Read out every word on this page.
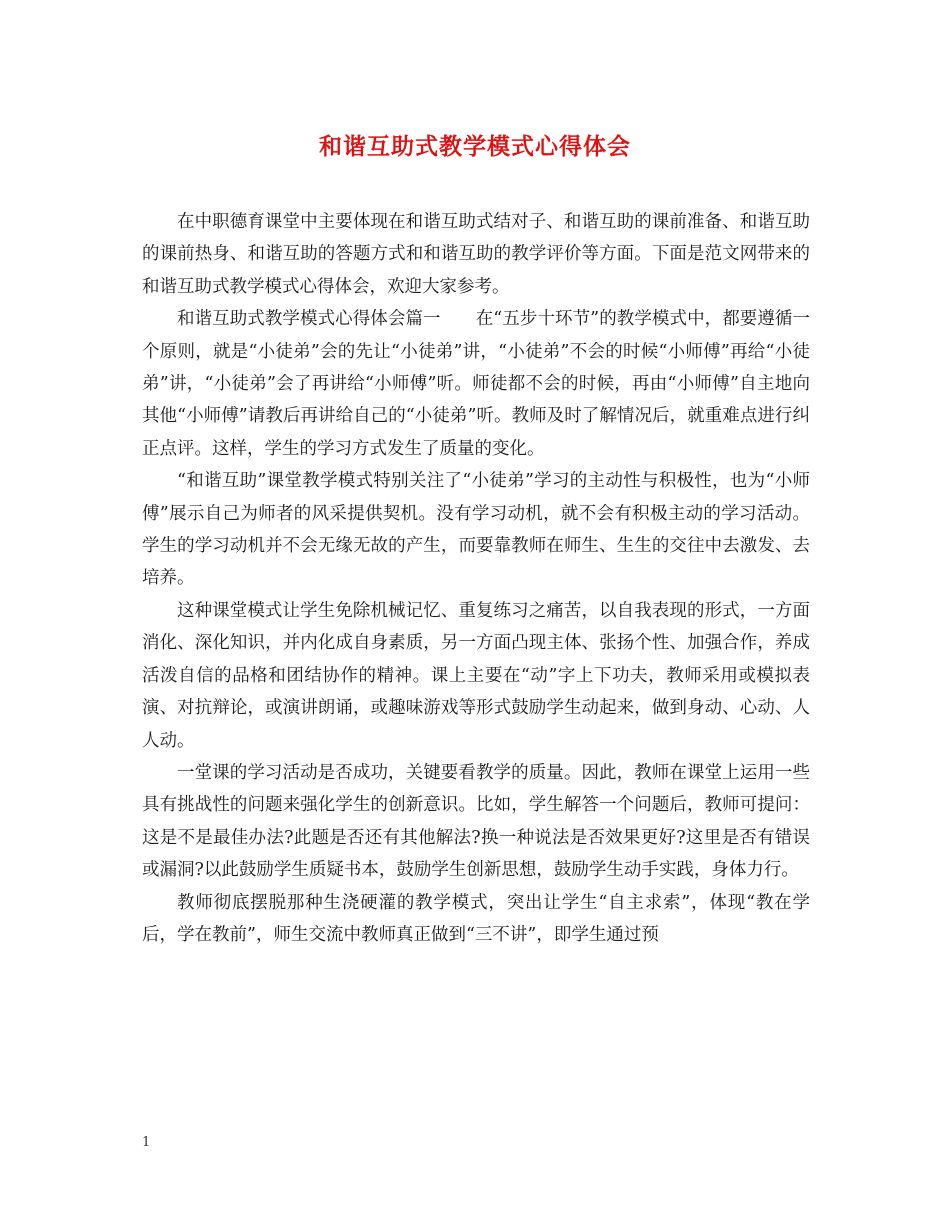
和谐互助式教学模式心得体会

在中职德育课堂中主要体现在和谐互助式结对子、和谐互助的课前准备、和谐互助的课前热身、和谐互助的答题方式和和谐互助的教学评价等方面。下面是范文网带来的和谐互助式教学模式心得体会，欢迎大家参考。

和谐互助式教学模式心得体会篇一　　在“五步十环节”的教学模式中，都要遵循一个原则，就是“小徒弟”会的先让“小徒弟”讲，“小徒弟”不会的时候“小师傅”再给“小徒弟”讲，“小徒弟”会了再讲给“小师傅”听。师徒都不会的时候，再由“小师傅”自主地向其他“小师傅”请教后再讲给自己的“小徒弟”听。教师及时了解情况后，就重难点进行纠正点评。这样，学生的学习方式发生了质量的变化。

“和谐互助”课堂教学模式特别关注了“小徒弟”学习的主动性与积极性，也为“小师傅”展示自己为师者的风采提供契机。没有学习动机，就不会有积极主动的学习活动。学生的学习动机并不会无缘无故的产生，而要靠教师在师生、生生的交往中去激发、去培养。

这种课堂模式让学生免除机械记忆、重复练习之痛苦，以自我表现的形式，一方面消化、深化知识，并内化成自身素质，另一方面凸现主体、张扬个性、加强合作，养成活泼自信的品格和团结协作的精神。课上主要在“动”字上下功夫，教师采用或模拟表演、对抗辩论，或演讲朗诵，或趣味游戏等形式鼓励学生动起来，做到身动、心动、人人动。

一堂课的学习活动是否成功，关键要看教学的质量。因此，教师在课堂上运用一些具有挑战性的问题来强化学生的创新意识。比如，学生解答一个问题后，教师可提问：这是不是最佳办法?此题是否还有其他解法?换一种说法是否效果更好?这里是否有错误或漏洞?以此鼓励学生质疑书本，鼓励学生创新思想，鼓励学生动手实践，身体力行。

教师彻底摆脱那种生浇硬灌的教学模式，突出让学生“自主求索”，体现“教在学后，学在教前”，师生交流中教师真正做到“三不讲”，即学生通过预

1
